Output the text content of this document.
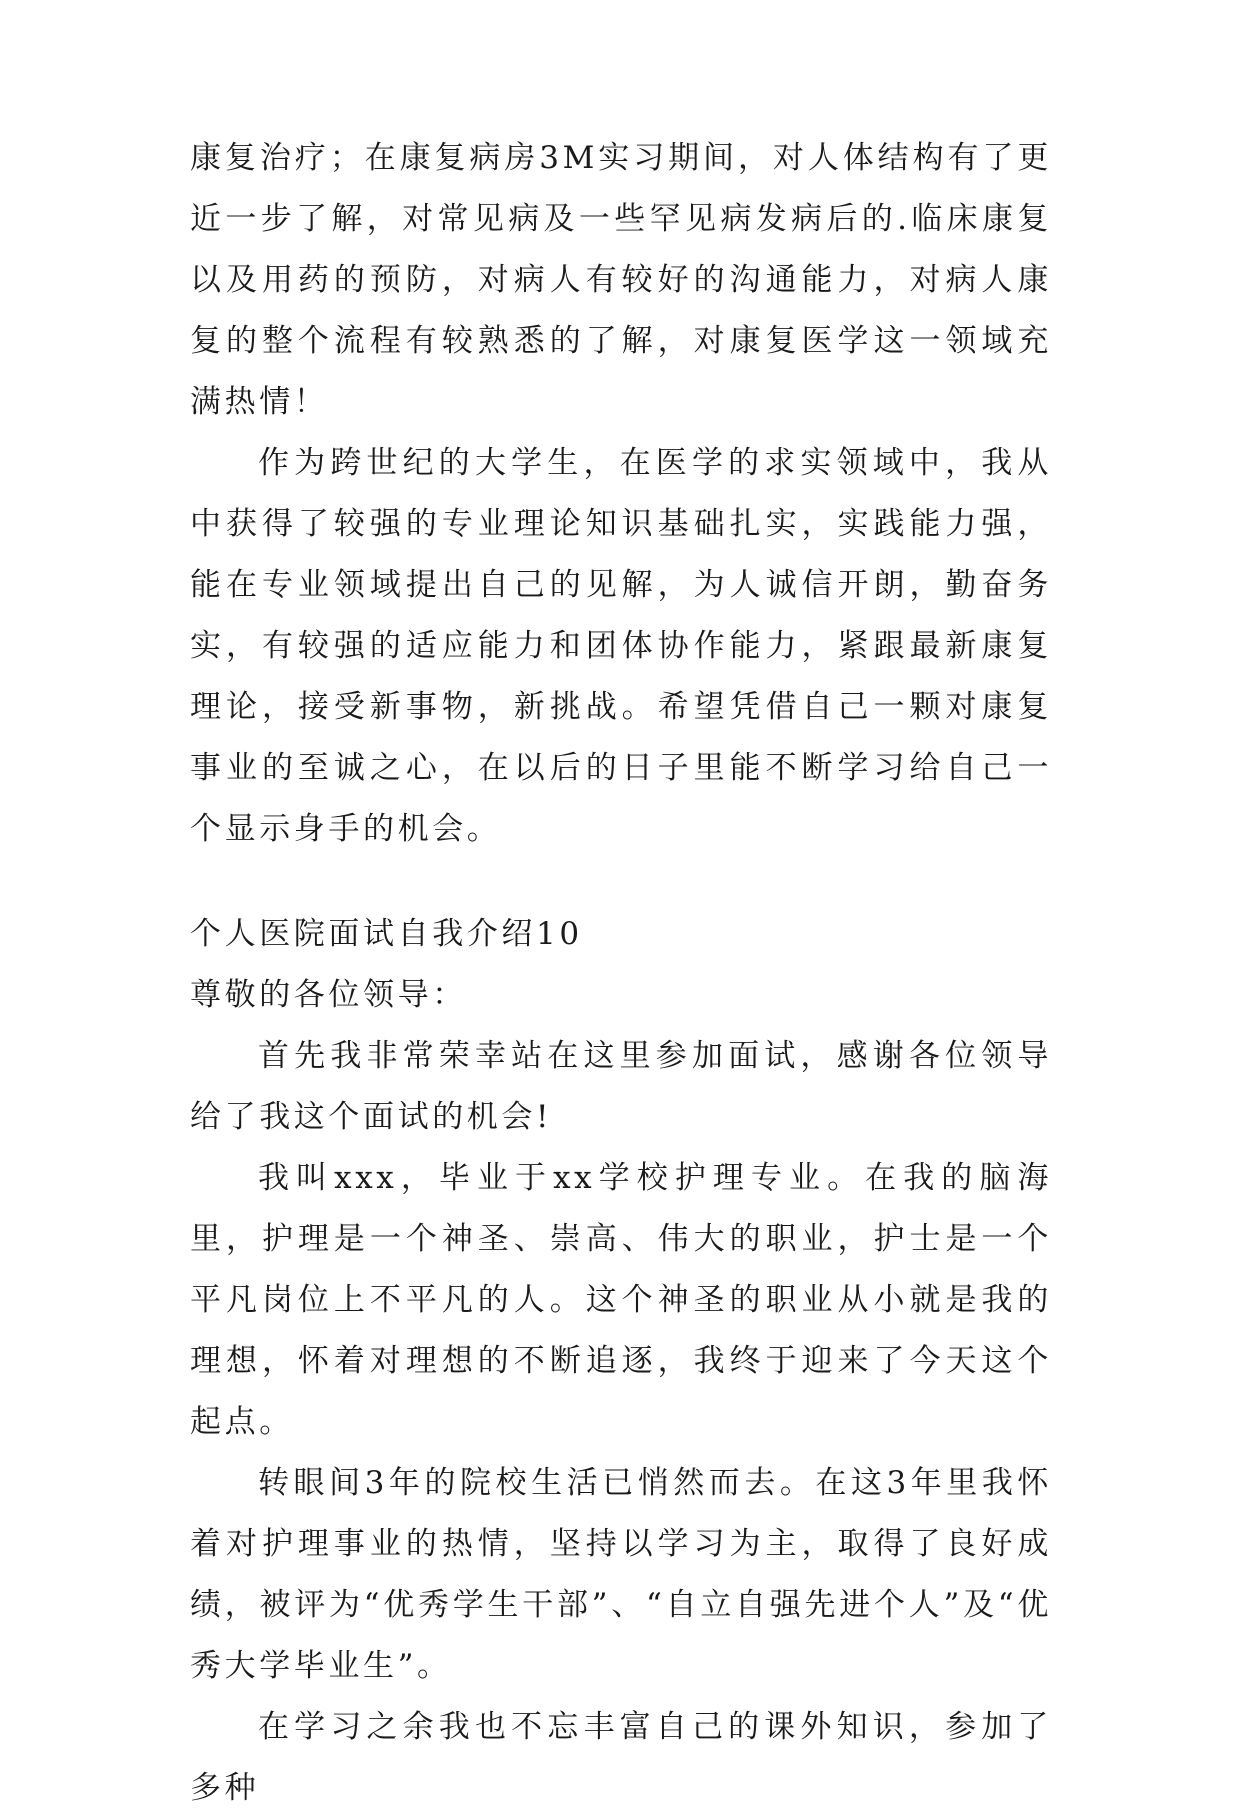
康复治疗；在康复病房3M实习期间，对人体结构有了更近一步了解，对常见病及一些罕见病发病后的.临床康复以及用药的预防，对病人有较好的沟通能力，对病人康复的整个流程有较熟悉的了解，对康复医学这一领域充满热情！

作为跨世纪的大学生，在医学的求实领域中，我从中获得了较强的专业理论知识基础扎实，实践能力强，能在专业领域提出自己的见解，为人诚信开朗，勤奋务实，有较强的适应能力和团体协作能力，紧跟最新康复理论，接受新事物，新挑战。希望凭借自己一颗对康复事业的至诚之心，在以后的日子里能不断学习给自己一个显示身手的机会。

个人医院面试自我介绍10

尊敬的各位领导：

首先我非常荣幸站在这里参加面试，感谢各位领导给了我这个面试的机会!

我叫xxx，毕业于xx学校护理专业。在我的脑海里，护理是一个神圣、崇高、伟大的职业，护士是一个平凡岗位上不平凡的人。这个神圣的职业从小就是我的理想，怀着对理想的不断追逐，我终于迎来了今天这个起点。

转眼间3年的院校生活已悄然而去。在这3年里我怀着对护理事业的热情，坚持以学习为主，取得了良好成绩，被评为“优秀学生干部”、“自立自强先进个人”及“优秀大学毕业生”。

在学习之余我也不忘丰富自己的课外知识，参加了多种
